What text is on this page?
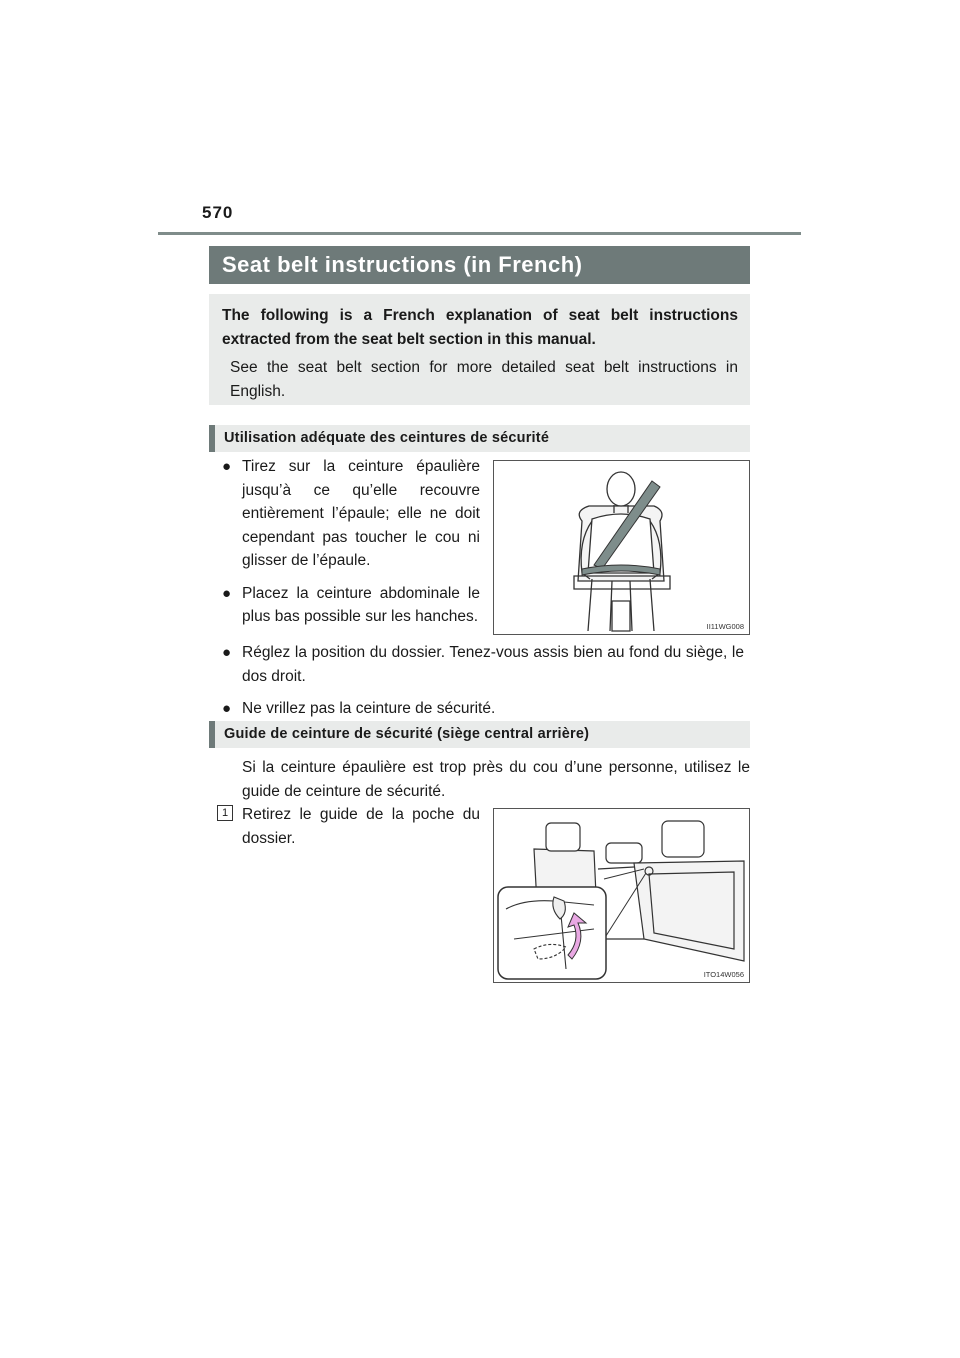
570
Seat belt instructions (in French)

The following is a French explanation of seat belt instructions extracted from the seat belt section in this manual.

See the seat belt section for more detailed seat belt instructions in English.

Utilisation adéquate des ceintures de sécurité
● Tirez sur la ceinture épaulière jusqu’à ce qu’elle recouvre entièrement l’épaule; elle ne doit cependant pas toucher le cou ni glisser de l’épaule.
● Placez la ceinture abdominale le plus bas possible sur les hanches.
● Réglez la position du dossier. Tenez-vous assis bien au fond du siège, le dos droit.
● Ne vrillez pas la ceinture de sécurité.
II11WG008
Guide de ceinture de sécurité (siège central arrière)
Si la ceinture épaulière est trop près du cou d’une personne, utilisez le guide de ceinture de sécurité.
1 Retirez le guide de la poche du dossier.
ITO14W056
